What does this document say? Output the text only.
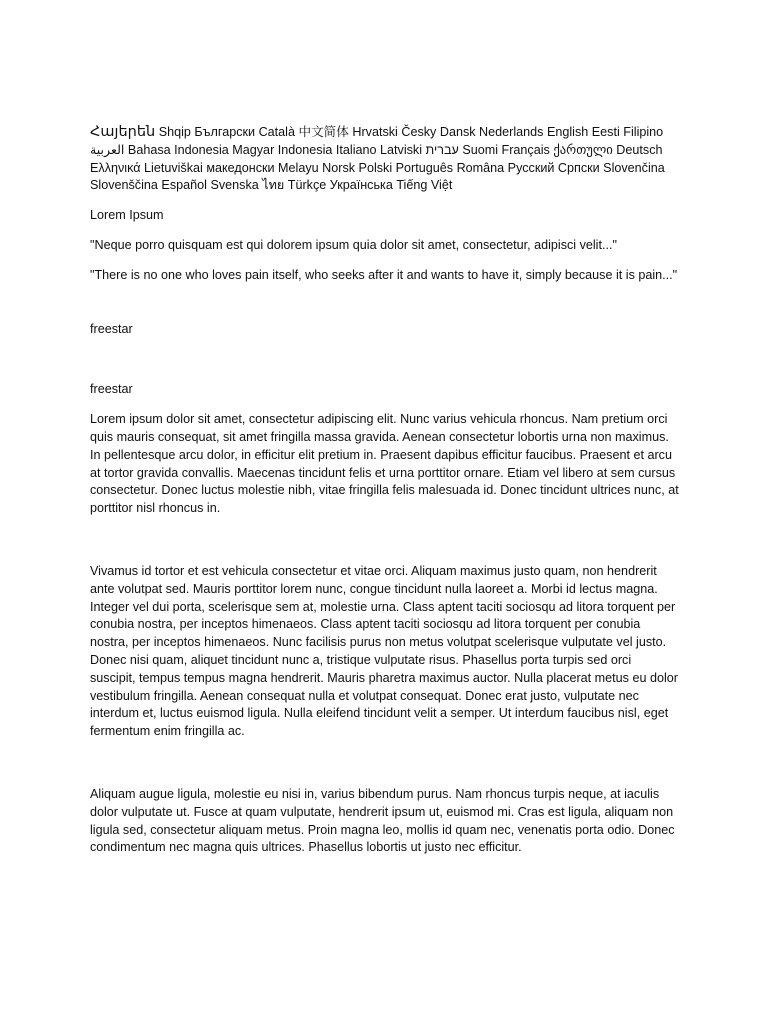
Հայերեն Shqip Български Català 中文简体 Hrvatski Česky Dansk Nederlands English Eesti Filipino العربية Bahasa Indonesia Magyar Indonesia Italiano Latviski עברית Suomi Français ქართული Deutsch Ελληνικά Lietuviškai македонски Melayu Norsk Polski Português Româna Русский Српски Slovenčina Slovenščina Español Svenska ไทย Türkçe Українська Tiếng Việt

Lorem Ipsum

"Neque porro quisquam est qui dolorem ipsum quia dolor sit amet, consectetur, adipisci velit..."

"There is no one who loves pain itself, who seeks after it and wants to have it, simply because it is pain..."

freestar

freestar

Lorem ipsum dolor sit amet, consectetur adipiscing elit. Nunc varius vehicula rhoncus. Nam pretium orci quis mauris consequat, sit amet fringilla massa gravida. Aenean consectetur lobortis urna non maximus. In pellentesque arcu dolor, in efficitur elit pretium in. Praesent dapibus efficitur faucibus. Praesent et arcu at tortor gravida convallis. Maecenas tincidunt felis et urna porttitor ornare. Etiam vel libero at sem cursus consectetur. Donec luctus molestie nibh, vitae fringilla felis malesuada id. Donec tincidunt ultrices nunc, at porttitor nisl rhoncus in.

Vivamus id tortor et est vehicula consectetur et vitae orci. Aliquam maximus justo quam, non hendrerit ante volutpat sed. Mauris porttitor lorem nunc, congue tincidunt nulla laoreet a. Morbi id lectus magna. Integer vel dui porta, scelerisque sem at, molestie urna. Class aptent taciti sociosqu ad litora torquent per conubia nostra, per inceptos himenaeos. Class aptent taciti sociosqu ad litora torquent per conubia nostra, per inceptos himenaeos. Nunc facilisis purus non metus volutpat scelerisque vulputate vel justo. Donec nisi quam, aliquet tincidunt nunc a, tristique vulputate risus. Phasellus porta turpis sed orci suscipit, tempus tempus magna hendrerit. Mauris pharetra maximus auctor. Nulla placerat metus eu dolor vestibulum fringilla. Aenean consequat nulla et volutpat consequat. Donec erat justo, vulputate nec interdum et, luctus euismod ligula. Nulla eleifend tincidunt velit a semper. Ut interdum faucibus nisl, eget fermentum enim fringilla ac.

Aliquam augue ligula, molestie eu nisi in, varius bibendum purus. Nam rhoncus turpis neque, at iaculis dolor vulputate ut. Fusce at quam vulputate, hendrerit ipsum ut, euismod mi. Cras est ligula, aliquam non ligula sed, consectetur aliquam metus. Proin magna leo, mollis id quam nec, venenatis porta odio. Donec condimentum nec magna quis ultrices. Phasellus lobortis ut justo nec efficitur.
